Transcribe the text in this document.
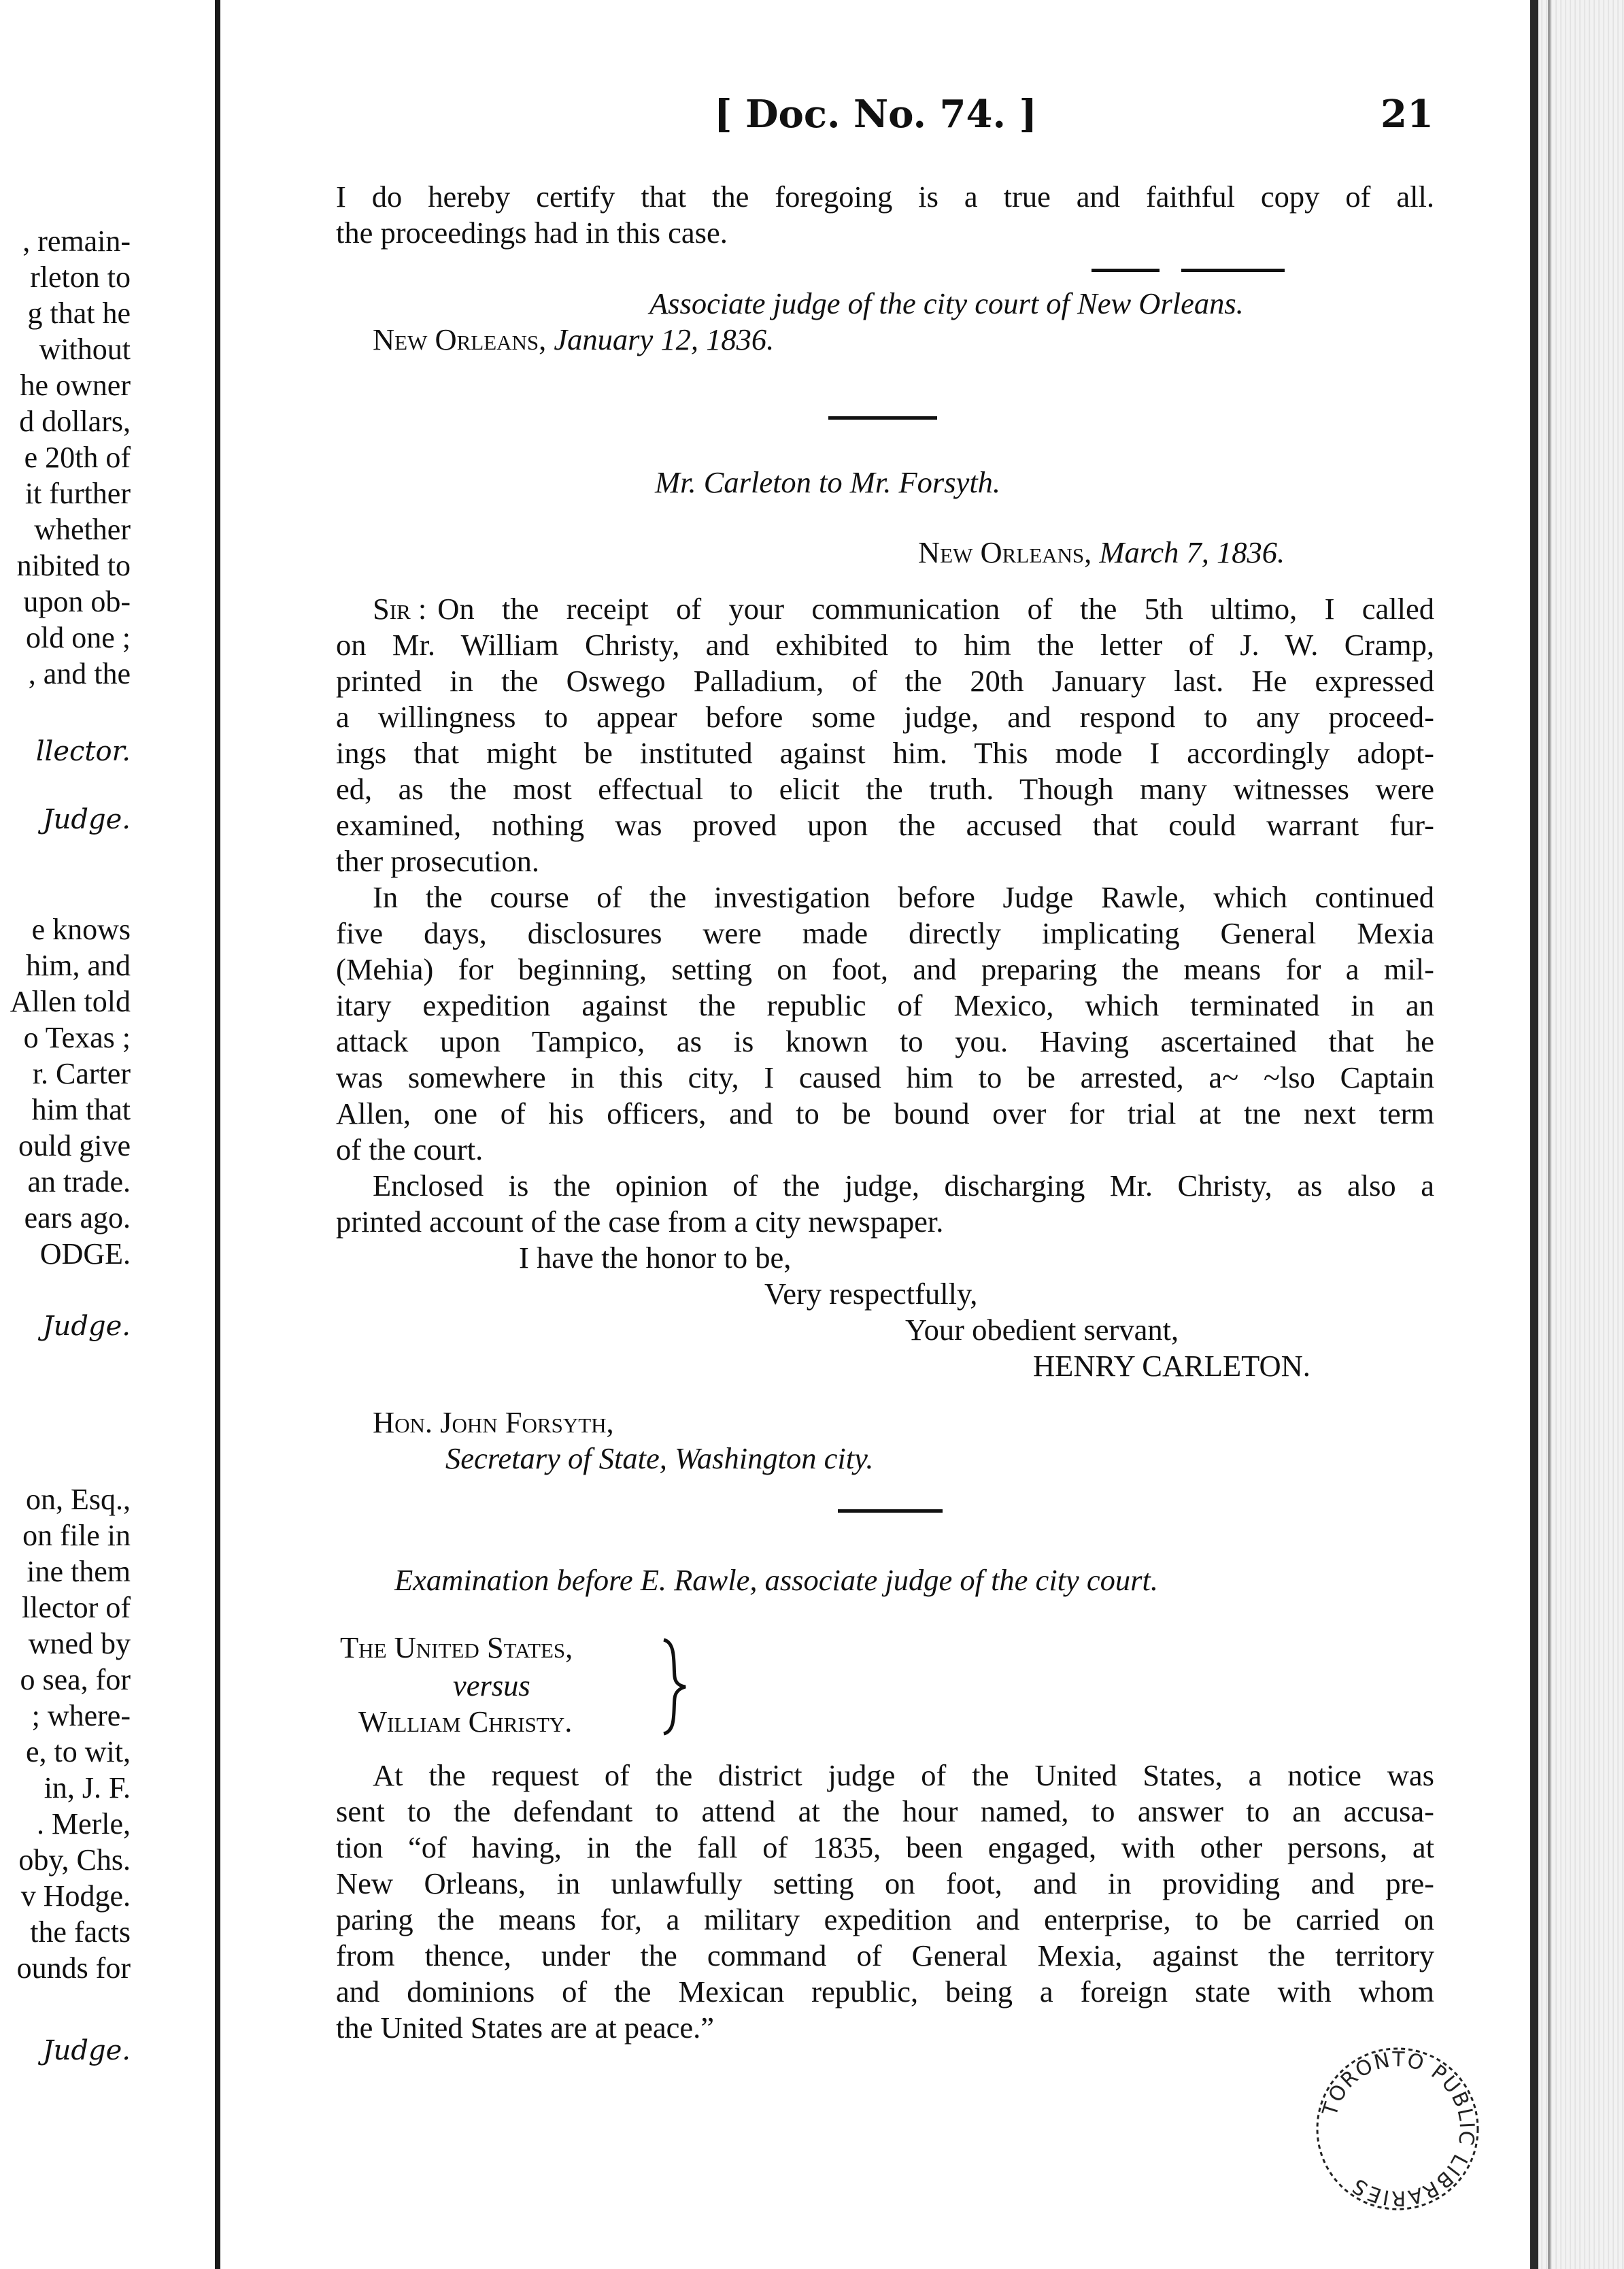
, remain-
rleton to
g that he
without
he owner
d dollars,
e 20th of
it further
whether
nibited to
upon ob-
old one ;
, and the
llector.
Judge.
e knows
him, and
Allen told
o Texas ;
r. Carter
him that
ould give
an trade.
ears ago.
ODGE.
Judge.
on, Esq.,
on file in
ine them
llector of
wned by
o sea, for
; where-
e, to wit,
in, J. F.
. Merle,
oby, Chs.
v Hodge.
the facts
ounds for
Judge.
[ Doc. No. 74. ]	21
I do hereby certify that the foregoing is a true and faithful copy of all.
the proceedings had in this case.
Associate judge of the city court of New Orleans.
New Orleans, January 12, 1836.
Mr. Carleton to Mr. Forsyth.
New Orleans, March 7, 1836.
Sir : On the receipt of your communication of the 5th ultimo, I called
on Mr. William Christy, and exhibited to him the letter of J. W. Cramp,
printed in the Oswego Palladium, of the 20th January last. He expressed
a willingness to appear before some judge, and respond to any proceed-
ings that might be instituted against him. This mode I accordingly adopt-
ed, as the most effectual to elicit the truth. Though many witnesses were
examined, nothing was proved upon the accused that could warrant fur-
ther prosecution.
In the course of the investigation before Judge Rawle, which continued
five days, disclosures were made directly implicating General Mexia
(Mehia) for beginning, setting on foot, and preparing the means for a mil-
itary expedition against the republic of Mexico, which terminated in an
attack upon Tampico, as is known to you. Having ascertained that he
was somewhere in this city, I caused him to be arrested, a~ ~lso Captain
Allen, one of his officers, and to be bound over for trial at tne next term
of the court.
Enclosed is the opinion of the judge, discharging Mr. Christy, as also a
printed account of the case from a city newspaper.
I have the honor to be,
Very respectfully,
Your obedient servant,
HENRY CARLETON.
Hon. John Forsyth,
Secretary of State, Washington city.
Examination before E. Rawle, associate judge of the city court.
The United States,
versus
William Christy.
At the request of the district judge of the United States, a notice was
sent to the defendant to attend at the hour named, to answer to an accusa-
tion “of having, in the fall of 1835, been engaged, with other persons, at
New Orleans, in unlawfully setting on foot, and in providing and pre-
paring the means for, a military expedition and enterprise, to be carried on
from thence, under the command of General Mexia, against the territory
and dominions of the Mexican republic, being a foreign state with whom
the United States are at peace.”
TORONTO PUBLIC LIBRARIES
